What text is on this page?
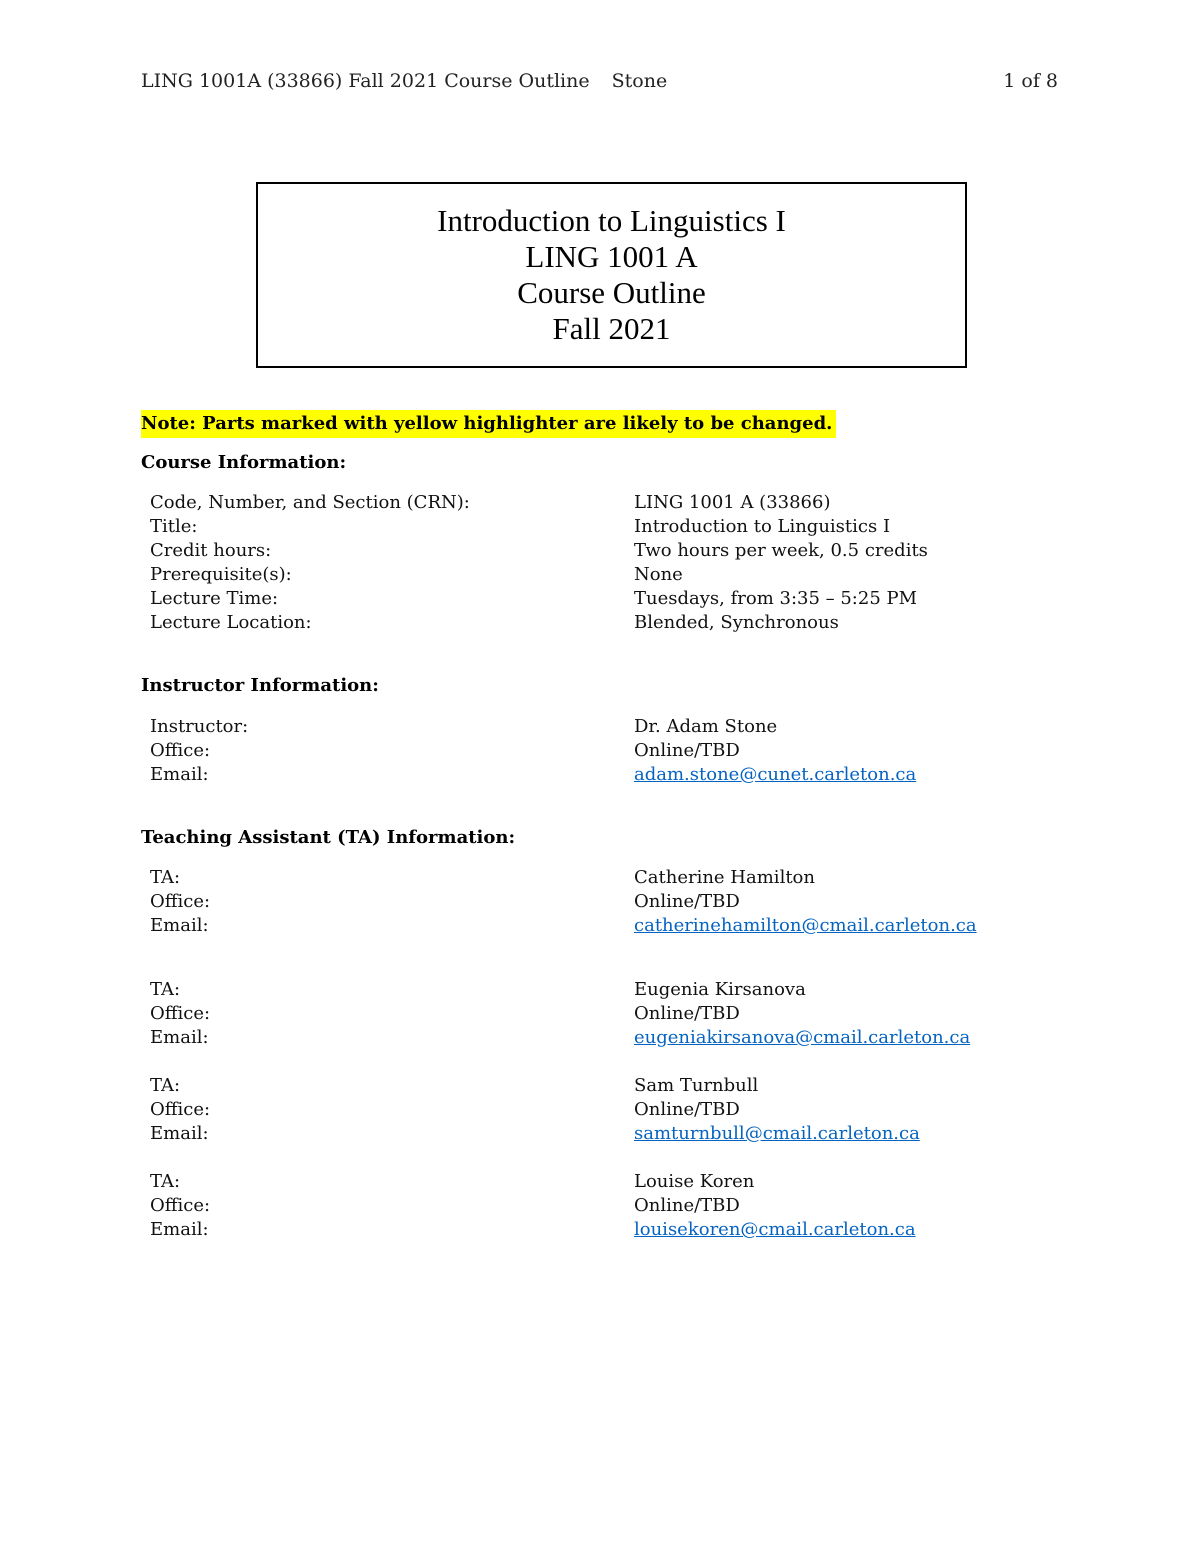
LING 1001A (33866) Fall 2021 Course Outline Stone	1 of 8
Introduction to Linguistics I
LING 1001 A
Course Outline
Fall 2021
Note: Parts marked with yellow highlighter are likely to be changed.
Course Information:
Code, Number, and Section (CRN):	LING 1001 A (33866)
Title:	Introduction to Linguistics I
Credit hours:	Two hours per week, 0.5 credits
Prerequisite(s):	None
Lecture Time:	Tuesdays, from 3:35 – 5:25 PM
Lecture Location:	Blended, Synchronous
Instructor Information:
Instructor:	Dr. Adam Stone
Office:	Online/TBD
Email:	adam.stone@cunet.carleton.ca
Teaching Assistant (TA) Information:
TA:	Catherine Hamilton
Office:	Online/TBD
Email:	catherinehamilton@cmail.carleton.ca
TA:	Eugenia Kirsanova
Office:	Online/TBD
Email:	eugeniakirsanova@cmail.carleton.ca
TA:	Sam Turnbull
Office:	Online/TBD
Email:	samturnbull@cmail.carleton.ca
TA:	Louise Koren
Office:	Online/TBD
Email:	louisekoren@cmail.carleton.ca
